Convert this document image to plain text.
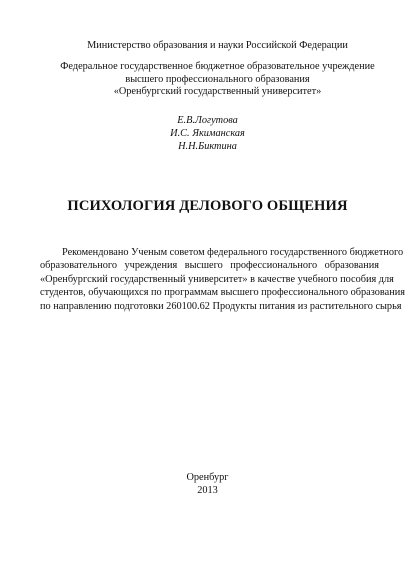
Министерство образования и науки Российской Федерации
Федеральное государственное бюджетное образовательное учреждение
высшего профессионального образования
«Оренбургский государственный университет»
Е.В.Логутова
И.С. Якиманская
Н.Н.Биктина
ПСИХОЛОГИЯ ДЕЛОВОГО ОБЩЕНИЯ
Рекомендовано Ученым советом федерального государственного бюджетного
образовательного учреждения высшего профессионального образования
«Оренбургский государственный университет» в качестве учебного пособия для
студентов, обучающихся по программам высшего профессионального образования
по направлению подготовки 260100.62 Продукты питания из растительного сырья
Оренбург
2013
